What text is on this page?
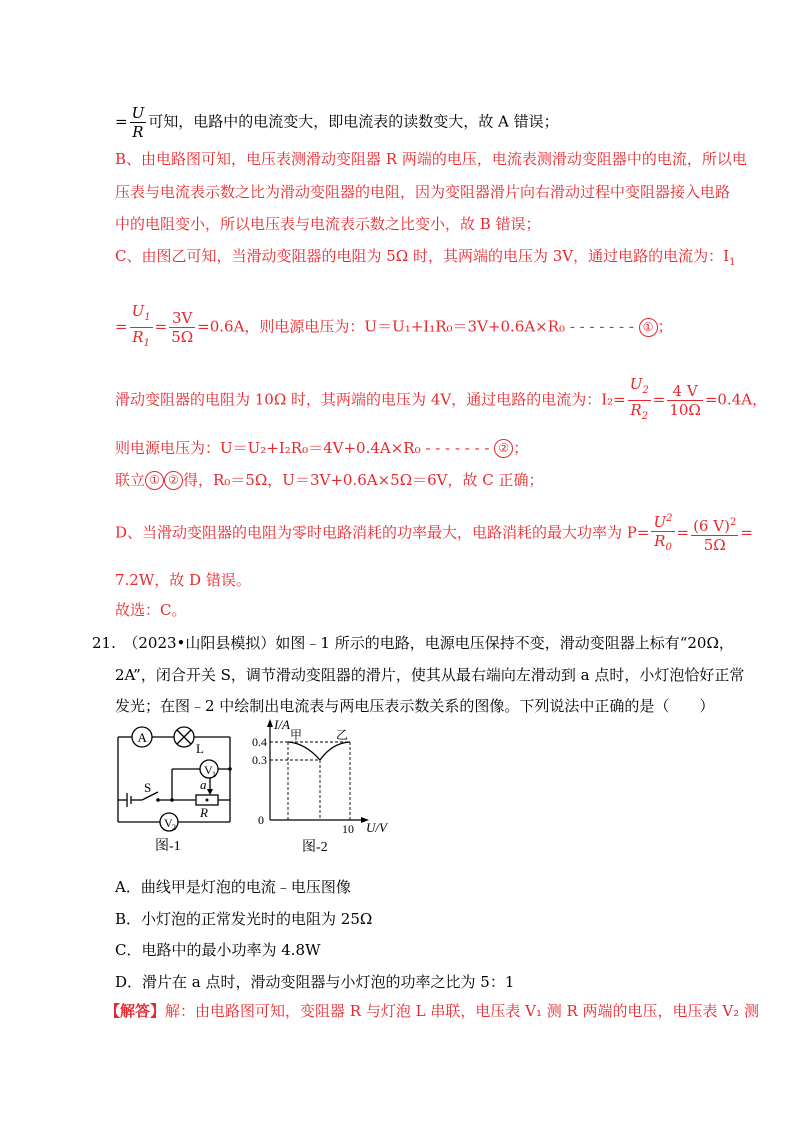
= $\frac{U}{R}$ 可知，电路中的电流变大，即电流表的读数变大，故 A 错误；
B、由电路图可知，电压表测滑动变阻器 R 两端的电压，电流表测滑动变阻器中的电流，所以电
压表与电流表示数之比为滑动变阻器的电阻，因为变阻器滑片向右滑动过程中变阻器接入电路
中的电阻变小，所以电压表与电流表示数之比变小，故 B 错误；
C、由图乙可知，当滑动变阻器的电阻为 5Ω 时，其两端的电压为 3V，通过电路的电流为：$I_1$
= $\frac{U_1}{R_1} = \frac{3V}{5\Omega} =0.6A$，则电源电压为：U＝U₁+I₁R₀＝3V+0.6A×R₀ - - - - - - - ① ；
滑动变阻器的电阻为 10Ω 时，其两端的电压为 4V，通过电路的电流为：$I_2= \frac{U_2}{R_2} = \frac{4 V}{10\Omega} =0.4A$，
则电源电压为：U＝U₂+I₂R₀＝4V+0.4A×R₀ - - - - - - - ② ；
联立 ① ② 得，R₀＝5Ω，U＝3V+0.6A×5Ω＝6V，故 C 正确；
D、当滑动变阻器的电阻为零时电路消耗的功率最大，电路消耗的最大功率为 $P= \frac{U^2}{R_0} = \frac{(6 V)^2}{5\Omega}$ =
7.2W，故 D 错误。
故选：C。
21.　（2023•山阳县模拟）如图﹣1 所示的电路，电源电压保持不变，滑动变阻器上标有“20Ω，
2A”，闭合开关 S，调节滑动变阻器的滑片，使其从最右端向左滑动到 a 点时，小灯泡恰好正常
发光；在图﹣2 中绘制出电流表与两电压表示数关系的图像。下列说法中正确的是（　　）
A
L
V 1
V 2
S	a
R
图-1
I/A
0.4
0.3
0
10 U/V
甲	乙
图-2
A．曲线甲是灯泡的电流﹣电压图像
B．小灯泡的正常发光时的电阻为 25Ω
C．电路中的最小功率为 4.8W
D．滑片在 a 点时，滑动变阻器与小灯泡的功率之比为 5：1
【解答】解：由电路图可知，变阻器 R 与灯泡 L 串联，电压表 V₁ 测 R 两端的电压，电压表 V₂ 测
